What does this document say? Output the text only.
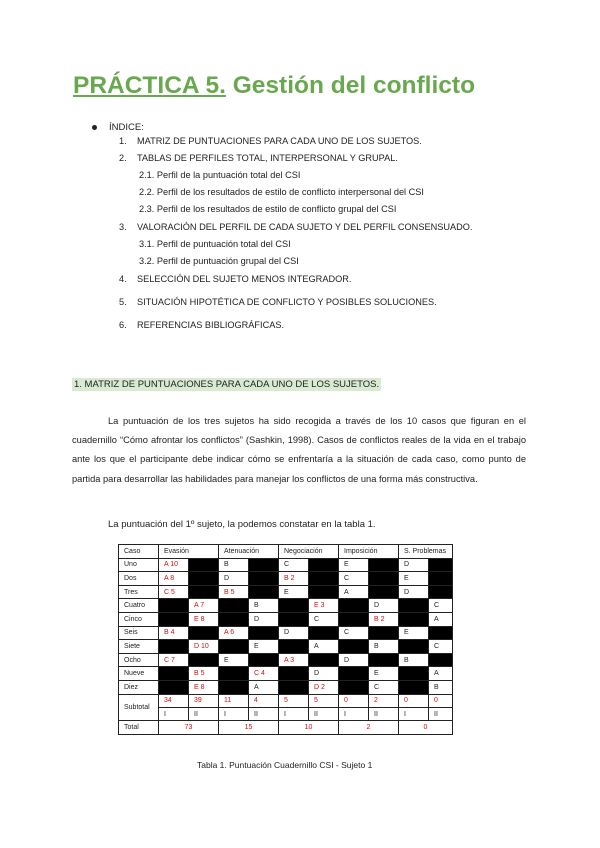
PRÁCTICA 5. Gestión del conflicto
ÍNDICE:
1. MATRIZ DE PUNTUACIONES PARA CADA UNO DE LOS SUJETOS.
2. TABLAS DE PERFILES TOTAL, INTERPERSONAL Y GRUPAL.
2.1. Perfil de la puntuación total del CSI
2.2. Perfil de los resultados de estilo de conflicto interpersonal del CSI
2.3. Perfil de los resultados de estilo de conflicto grupal del CSI
3. VALORACIÓN DEL PERFIL DE CADA SUJETO Y DEL PERFIL CONSENSUADO.
3.1. Perfil de puntuación total del CSI
3.2. Perfil de puntuación grupal del CSI
4. SELECCIÓN DEL SUJETO MENOS INTEGRADOR.
5. SITUACIÓN HIPOTÉTICA DE CONFLICTO Y POSIBLES SOLUCIONES.
6. REFERENCIAS BIBLIOGRÁFICAS.
1. MATRIZ DE PUNTUACIONES PARA CADA UNO DE LOS SUJETOS.
La puntuación de los tres sujetos ha sido recogida a través de los 10 casos que figuran en el cuadernillo “Cómo afrontar los conflictos” (Sashkin, 1998). Casos de conflictos reales de la vida en el trabajo ante los que el participante debe indicar cómo se enfrentaría a la situación de cada caso, como punto de partida para desarrollar las habilidades para manejar los conflictos de una forma más constructiva.
La puntuación del 1º sujeto, la podemos constatar en la tabla 1.
Caso	Evasión		Atenuación		Negociación		Imposición		S. Problemas	
Uno	A 10		B		C		E		D	
Dos	A 8		D		B 2		C		E	
Tres	C 5		B 5		E		A		D	
Cuatro		A 7		B		E 3		D		C
Cinco		E 8		D		C		B 2		A
Seis	B 4		A 6		D		C		E	
Siete		D 10		E		A		B		C
Ocho	C 7		E		A 3		D		B	
Nueve		B 5		C 4		D		E		A
Diez		E 8		A		D 2		C		B
Subtotal	34	39	11	4	5	5	0	2	0	0
	I	II	I	II	I	II	I	II	I	II
Total	73		15		10		2		0	
Tabla 1. Puntuación Cuadernillo CSI - Sujeto 1
